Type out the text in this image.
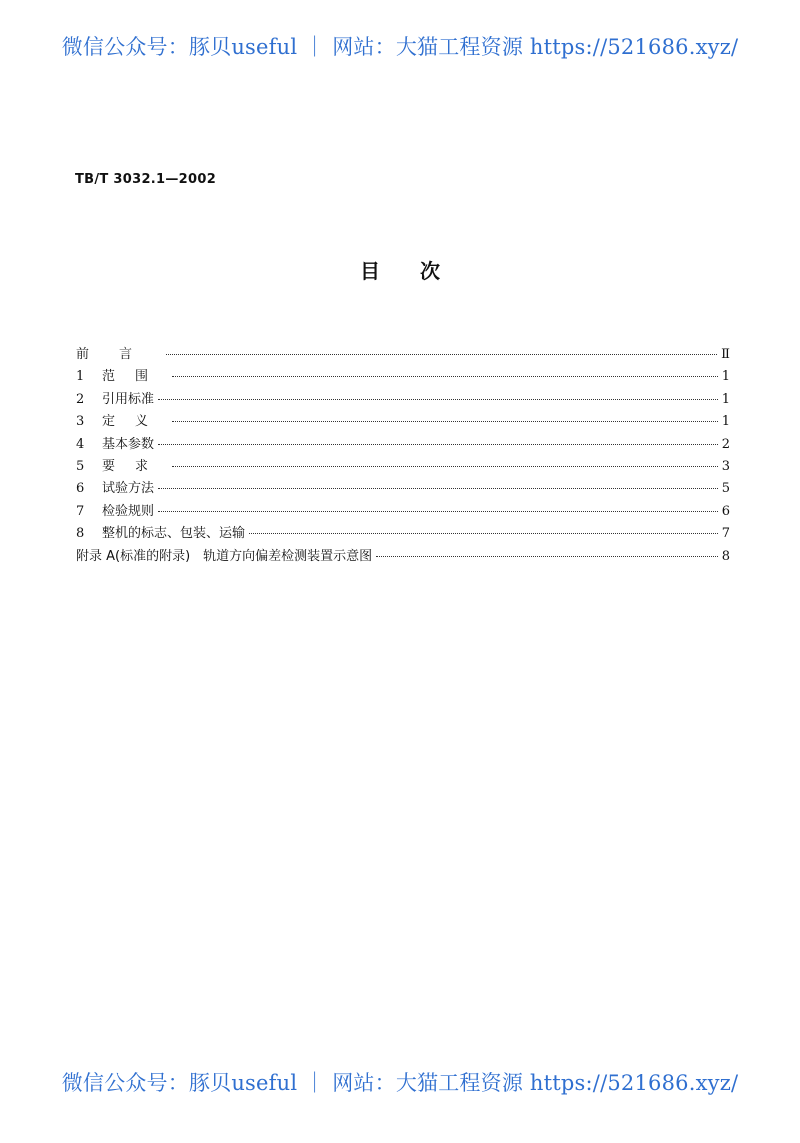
微信公众号：豚贝useful ｜ 网站：大猫工程资源 https://521686.xyz/
TB/T 3032.1—2002
目次
前言	Ⅱ
1	范围	1
2	引用标准	1
3	定义	1
4	基本参数	2
5	要求	3
6	试验方法	5
7	检验规则	6
8	整机的标志、包装、运输	7
附录 A(标准的附录)　轨道方向偏差检测装置示意图	8
微信公众号：豚贝useful ｜ 网站：大猫工程资源 https://521686.xyz/
